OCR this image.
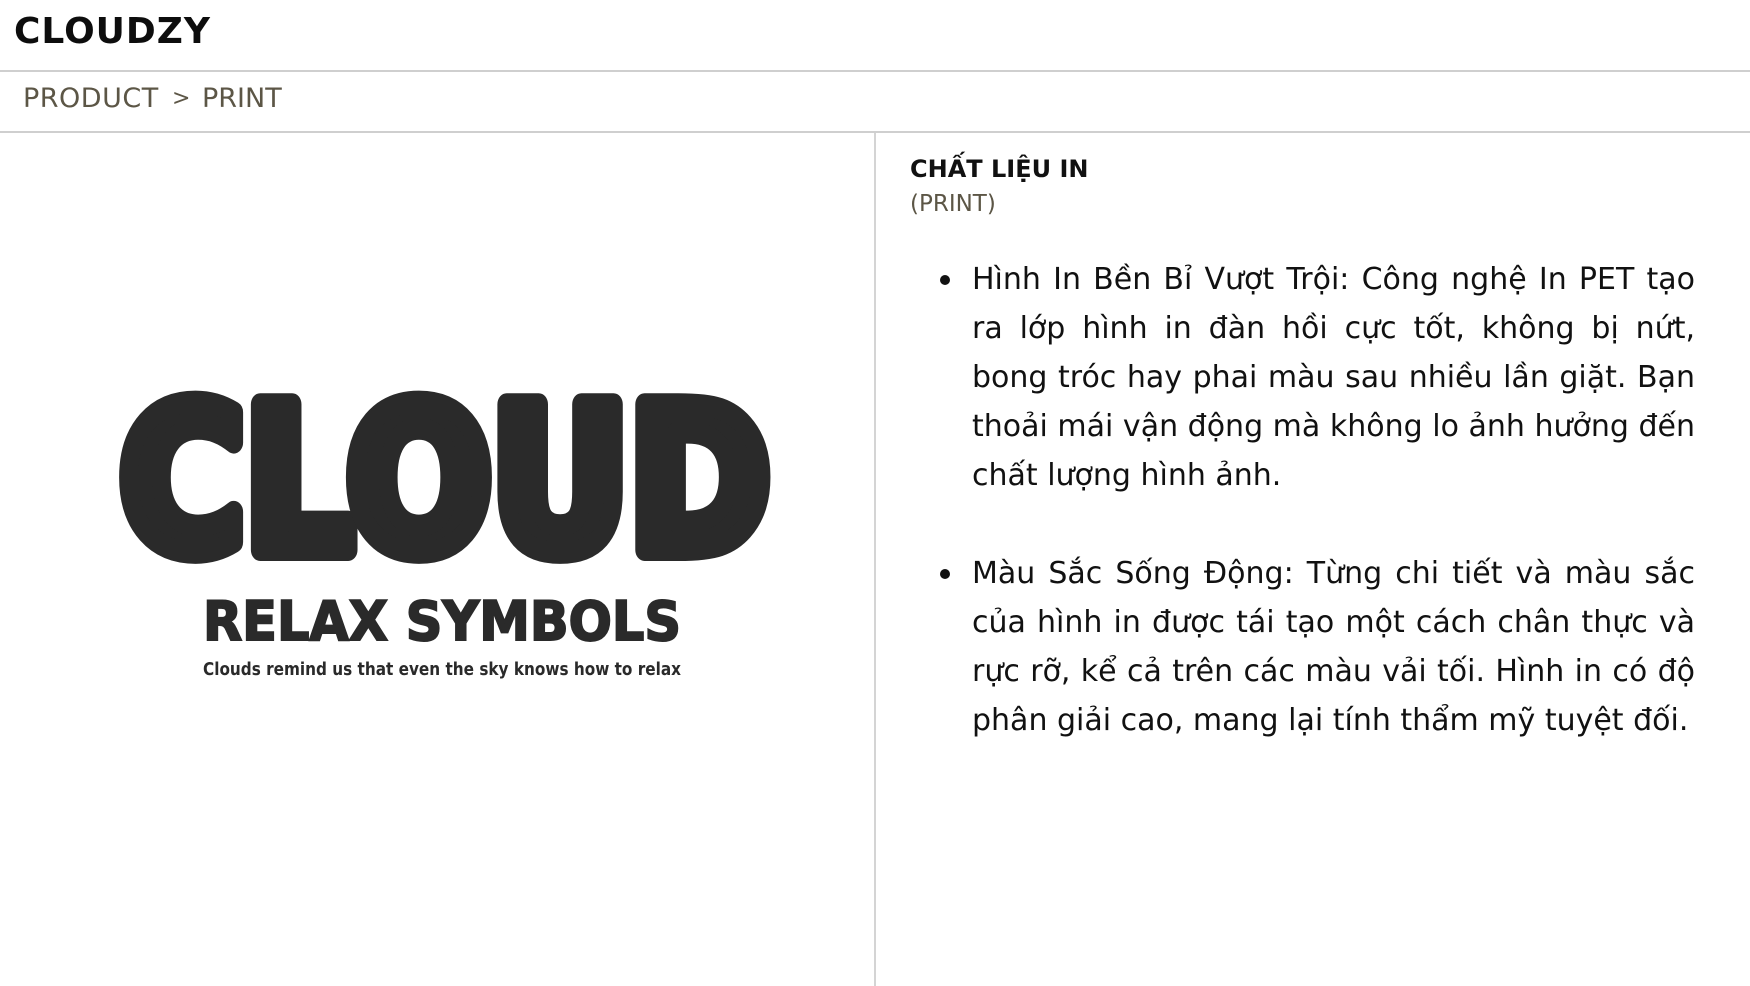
CLOUDZY
PRODUCT > PRINT
CLOUD
RELAX SYMBOLS
Clouds remind us that even the sky knows how to relax
CHẤT LIỆU IN
(PRINT)
Hình In Bền Bỉ Vượt Trội: Công nghệ In PET tạo ra lớp hình in đàn hồi cực tốt, không bị nứt, bong tróc hay phai màu sau nhiều lần giặt. Bạn thoải mái vận động mà không lo ảnh hưởng đến chất lượng hình ảnh.
Màu Sắc Sống Động: Từng chi tiết và màu sắc của hình in được tái tạo một cách chân thực và rực rỡ, kể cả trên các màu vải tối. Hình in có độ phân giải cao, mang lại tính thẩm mỹ tuyệt đối.
